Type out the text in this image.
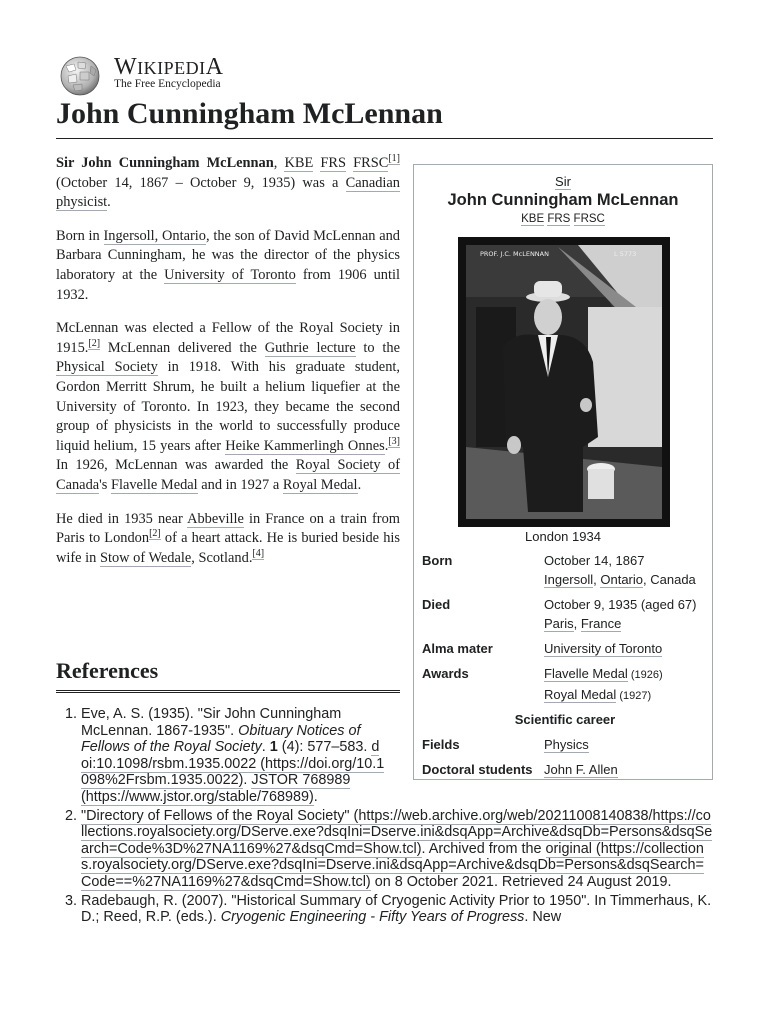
WIKIPEDIA
The Free Encyclopedia
John Cunningham McLennan

Sir John Cunningham McLennan, KBE FRS FRSC[1] (October 14, 1867 – October 9, 1935) was a Canadian physicist.

Born in Ingersoll, Ontario, the son of David McLennan and Barbara Cunningham, he was the director of the physics laboratory at the University of Toronto from 1906 until 1932.

McLennan was elected a Fellow of the Royal Society in 1915.[2] McLennan delivered the Guthrie lecture to the Physical Society in 1918. With his graduate student, Gordon Merritt Shrum, he built a helium liquefier at the University of Toronto. In 1923, they became the second group of physicists in the world to successfully produce liquid helium, 15 years after Heike Kammerlingh Onnes.[3] In 1926, McLennan was awarded the Royal Society of Canada's Flavelle Medal and in 1927 a Royal Medal.

He died in 1935 near Abbeville in France on a train from Paris to London[2] of a heart attack. He is buried beside his wife in Stow of Wedale, Scotland.[4]

Sir
John Cunningham McLennan
KBE FRS FRSC
PROF. J.C. McLENNAN	L 5773
London 1934
Born	October 14, 1867
Ingersoll, Ontario, Canada
Died	October 9, 1935 (aged 67)
Paris, France
Alma mater	University of Toronto
Awards	Flavelle Medal (1926)
Royal Medal (1927)
Scientific career
Fields	Physics
Doctoral students John F. Allen
References
1. Eve, A. S. (1935). "Sir John Cunningham McLennan. 1867-1935". Obituary Notices of Fellows of the Royal Society. 1 (4): 577–583. doi:10.1098/rsbm.1935.0022 (https://doi.org/10.1098%2Frsbm.1935.0022). JSTOR 768989 (https://www.jstor.org/stable/768989).
2. "Directory of Fellows of the Royal Society" (https://web.archive.org/web/20211008140838/https://collections.royalsociety.org/DServe.exe?dsqIni=Dserve.ini&dsqApp=Archive&dsqDb=Persons&dsqSearch=Code%3D%27NA1169%27&dsqCmd=Show.tcl). Archived from the original (https://collections.royalsociety.org/DServe.exe?dsqIni=Dserve.ini&dsqApp=Archive&dsqDb=Persons&dsqSearch=Code==%27NA1169%27&dsqCmd=Show.tcl) on 8 October 2021. Retrieved 24 August 2019.
3. Radebaugh, R. (2007). "Historical Summary of Cryogenic Activity Prior to 1950". In Timmerhaus, K. D.; Reed, R.P. (eds.). Cryogenic Engineering - Fifty Years of Progress. New
